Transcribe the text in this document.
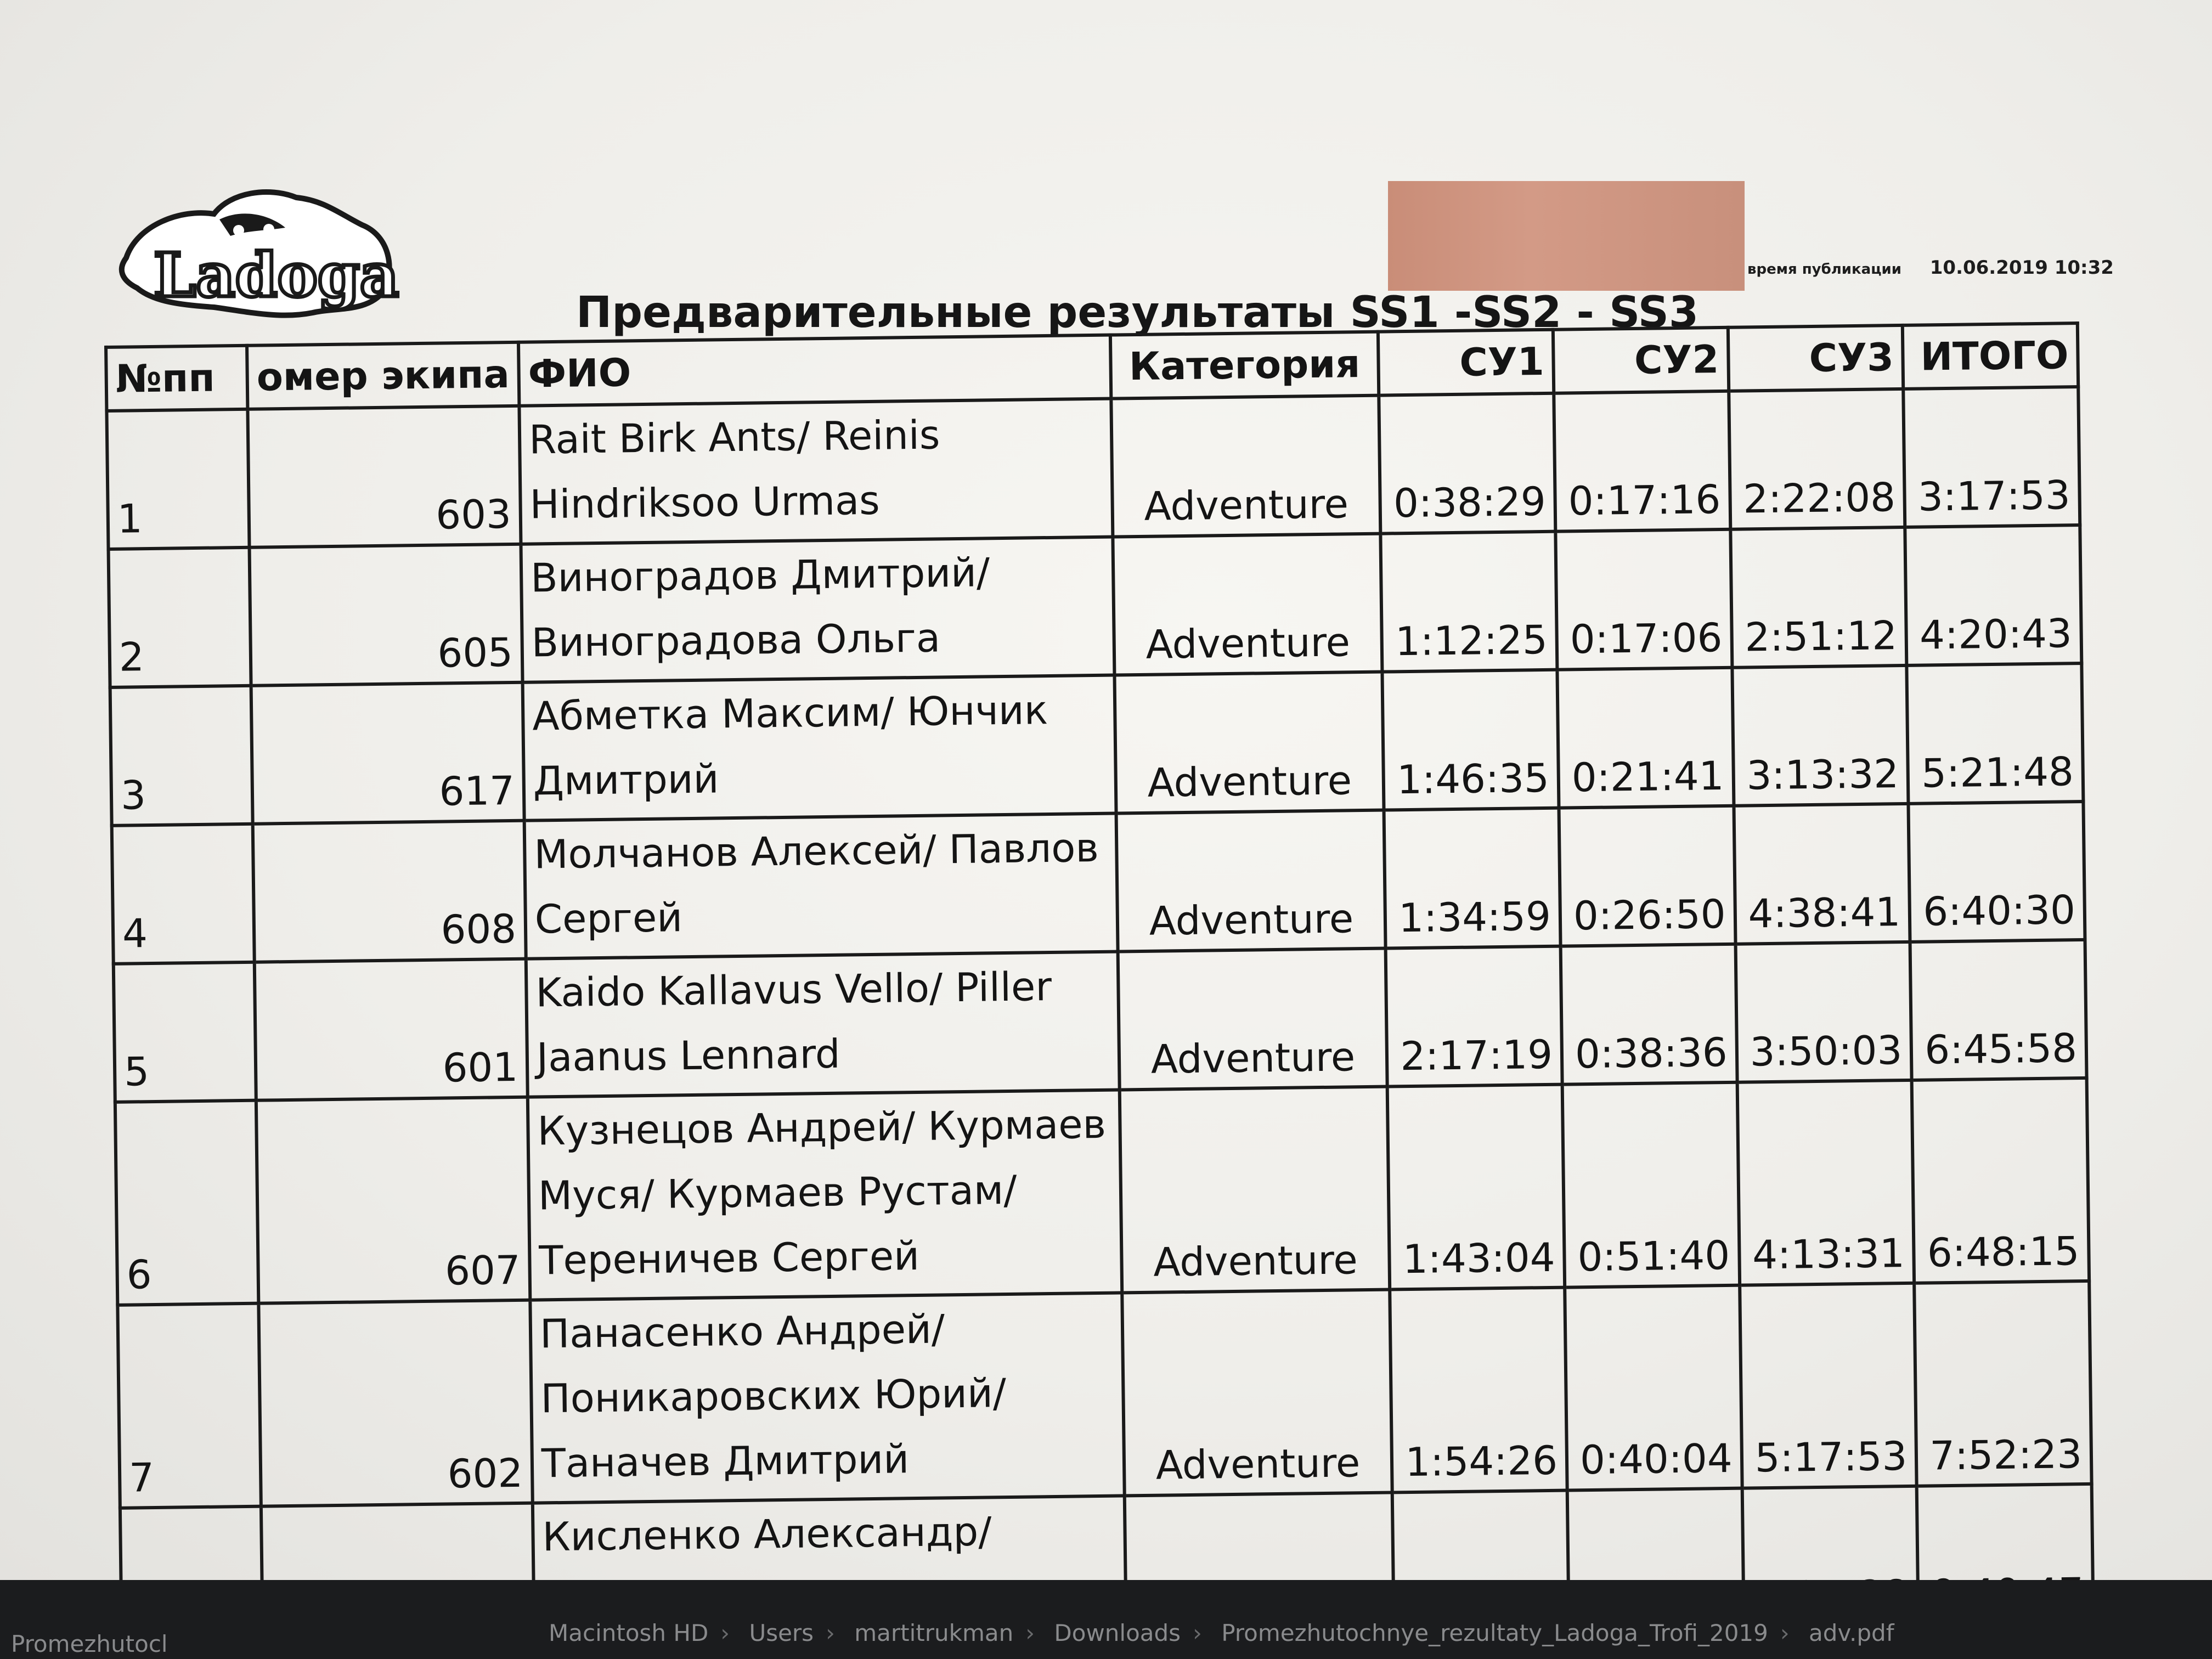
Ladoga	время публикации 10.06.2019 10:32
Предварительные результаты SS1 -SS2 - SS3
№пп	омер экипа	ФИО	Категория	СУ1	СУ2	СУ3	ИТОГО
1	603	Rait Birk Ants/ Reinis Hindriksoo Urmas	Adventure	0:38:29	0:17:16	2:22:08	3:17:53
2	605	Виноградов Дмитрий/ Виноградова Ольга	Adventure	1:12:25	0:17:06	2:51:12	4:20:43
3	617	Абметка Максим/ Юнчик Дмитрий	Adventure	1:46:35	0:21:41	3:13:32	5:21:48
4	608	Молчанов Алексей/ Павлов Сергей	Adventure	1:34:59	0:26:50	4:38:41	6:40:30
5	601	Kaido Kallavus Vello/ Piller Jaanus Lennard	Adventure	2:17:19	0:38:36	3:50:03	6:45:58
6	607	Кузнецов Андрей/ Курмаев Муся/ Курмаев Рустам/ Тереничев Сергей	Adventure	1:43:04	0:51:40	4:13:31	6:48:15
7	602	Панасенко Андрей/ Поникаровских Юрий/ Таначев Дмитрий	Adventure	1:54:26	0:40:04	5:17:53	7:52:23
		Кисленко Александр/					
Promezhutocl	Macintosh HD › Users › martitrukman › Downloads › Promezhutochnye_rezultaty_Ladoga_Trofi_2019 › adv.pdf
